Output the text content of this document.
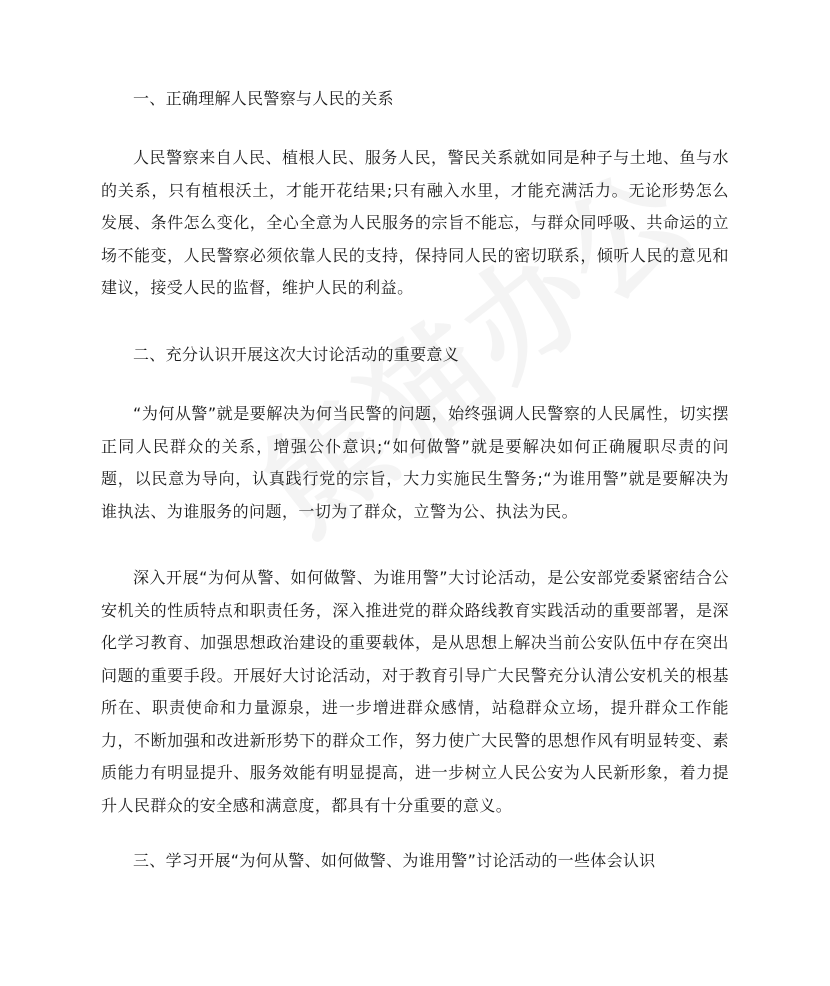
一、正确理解人民警察与人民的关系
人民警察来自人民、植根人民、服务人民，警民关系就如同是种子与土地、鱼与水的关系，只有植根沃土，才能开花结果;只有融入水里，才能充满活力。无论形势怎么发展、条件怎么变化，全心全意为人民服务的宗旨不能忘，与群众同呼吸、共命运的立场不能变，人民警察必须依靠人民的支持，保持同人民的密切联系，倾听人民的意见和建议，接受人民的监督，维护人民的利益。
二、充分认识开展这次大讨论活动的重要意义
“为何从警”就是要解决为何当民警的问题，始终强调人民警察的人民属性，切实摆正同人民群众的关系，增强公仆意识;“如何做警”就是要解决如何正确履职尽责的问题，以民意为导向，认真践行党的宗旨，大力实施民生警务;“为谁用警”就是要解决为谁执法、为谁服务的问题，一切为了群众，立警为公、执法为民。
深入开展“为何从警、如何做警、为谁用警”大讨论活动，是公安部党委紧密结合公安机关的性质特点和职责任务，深入推进党的群众路线教育实践活动的重要部署，是深化学习教育、加强思想政治建设的重要载体，是从思想上解决当前公安队伍中存在突出问题的重要手段。开展好大讨论活动，对于教育引导广大民警充分认清公安机关的根基所在、职责使命和力量源泉，进一步增进群众感情，站稳群众立场，提升群众工作能力，不断加强和改进新形势下的群众工作，努力使广大民警的思想作风有明显转变、素质能力有明显提升、服务效能有明显提高，进一步树立人民公安为人民新形象，着力提升人民群众的安全感和满意度，都具有十分重要的意义。
三、学习开展“为何从警、如何做警、为谁用警”讨论活动的一些体会认识
